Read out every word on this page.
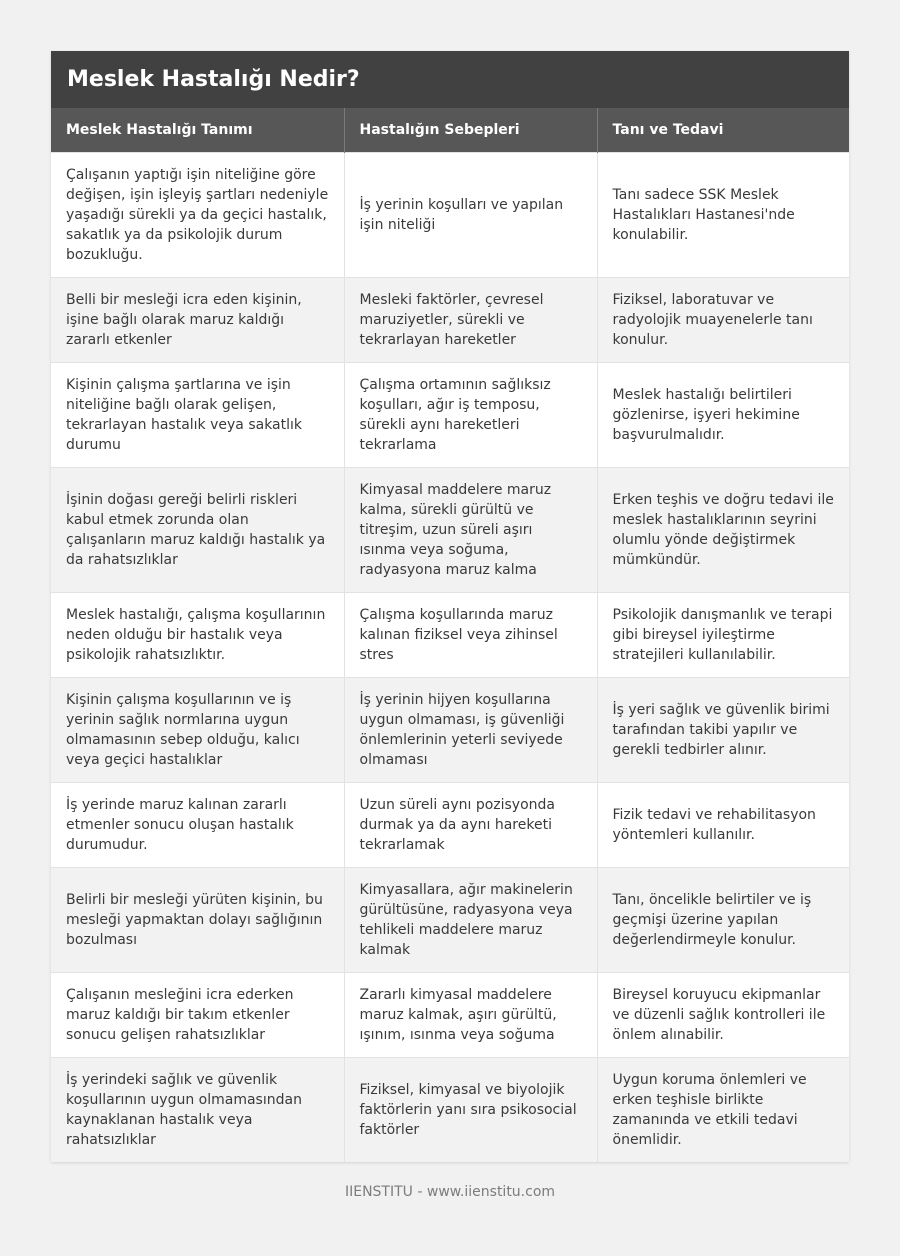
Meslek Hastalığı Nedir?
Meslek Hastalığı Tanımı	Hastalığın Sebepleri	Tanı ve Tedavi
Çalışanın yaptığı işin niteliğine göre değişen, işin işleyiş şartları nedeniyle yaşadığı sürekli ya da geçici hastalık, sakatlık ya da psikolojik durum bozukluğu.	İş yerinin koşulları ve yapılan işin niteliği	Tanı sadece SSK Meslek Hastalıkları Hastanesi'nde konulabilir.
Belli bir mesleği icra eden kişinin, işine bağlı olarak maruz kaldığı zararlı etkenler	Mesleki faktörler, çevresel maruziyetler, sürekli ve tekrarlayan hareketler	Fiziksel, laboratuvar ve radyolojik muayenelerle tanı konulur.
Kişinin çalışma şartlarına ve işin niteliğine bağlı olarak gelişen, tekrarlayan hastalık veya sakatlık durumu	Çalışma ortamının sağlıksız koşulları, ağır iş temposu, sürekli aynı hareketleri tekrarlama	Meslek hastalığı belirtileri gözlenirse, işyeri hekimine başvurulmalıdır.
İşinin doğası gereği belirli riskleri kabul etmek zorunda olan çalışanların maruz kaldığı hastalık ya da rahatsızlıklar	Kimyasal maddelere maruz kalma, sürekli gürültü ve titreşim, uzun süreli aşırı ısınma veya soğuma, radyasyona maruz kalma	Erken teşhis ve doğru tedavi ile meslek hastalıklarının seyrini olumlu yönde değiştirmek mümkündür.
Meslek hastalığı, çalışma koşullarının neden olduğu bir hastalık veya psikolojik rahatsızlıktır.	Çalışma koşullarında maruz kalınan fiziksel veya zihinsel stres	Psikolojik danışmanlık ve terapi gibi bireysel iyileştirme stratejileri kullanılabilir.
Kişinin çalışma koşullarının ve iş yerinin sağlık normlarına uygun olmamasının sebep olduğu, kalıcı veya geçici hastalıklar	İş yerinin hijyen koşullarına uygun olmaması, iş güvenliği önlemlerinin yeterli seviyede olmaması	İş yeri sağlık ve güvenlik birimi tarafından takibi yapılır ve gerekli tedbirler alınır.
İş yerinde maruz kalınan zararlı etmenler sonucu oluşan hastalık durumudur.	Uzun süreli aynı pozisyonda durmak ya da aynı hareketi tekrarlamak	Fizik tedavi ve rehabilitasyon yöntemleri kullanılır.
Belirli bir mesleği yürüten kişinin, bu mesleği yapmaktan dolayı sağlığının bozulması	Kimyasallara, ağır makinelerin gürültüsüne, radyasyona veya tehlikeli maddelere maruz kalmak	Tanı, öncelikle belirtiler ve iş geçmişi üzerine yapılan değerlendirmeyle konulur.
Çalışanın mesleğini icra ederken maruz kaldığı bir takım etkenler sonucu gelişen rahatsızlıklar	Zararlı kimyasal maddelere maruz kalmak, aşırı gürültü, ışınım, ısınma veya soğuma	Bireysel koruyucu ekipmanlar ve düzenli sağlık kontrolleri ile önlem alınabilir.
İş yerindeki sağlık ve güvenlik koşullarının uygun olmamasından kaynaklanan hastalık veya rahatsızlıklar	Fiziksel, kimyasal ve biyolojik faktörlerin yanı sıra psikosocial faktörler	Uygun koruma önlemleri ve erken teşhisle birlikte zamanında ve etkili tedavi önemlidir.
IIENSTITU - www.iienstitu.com
